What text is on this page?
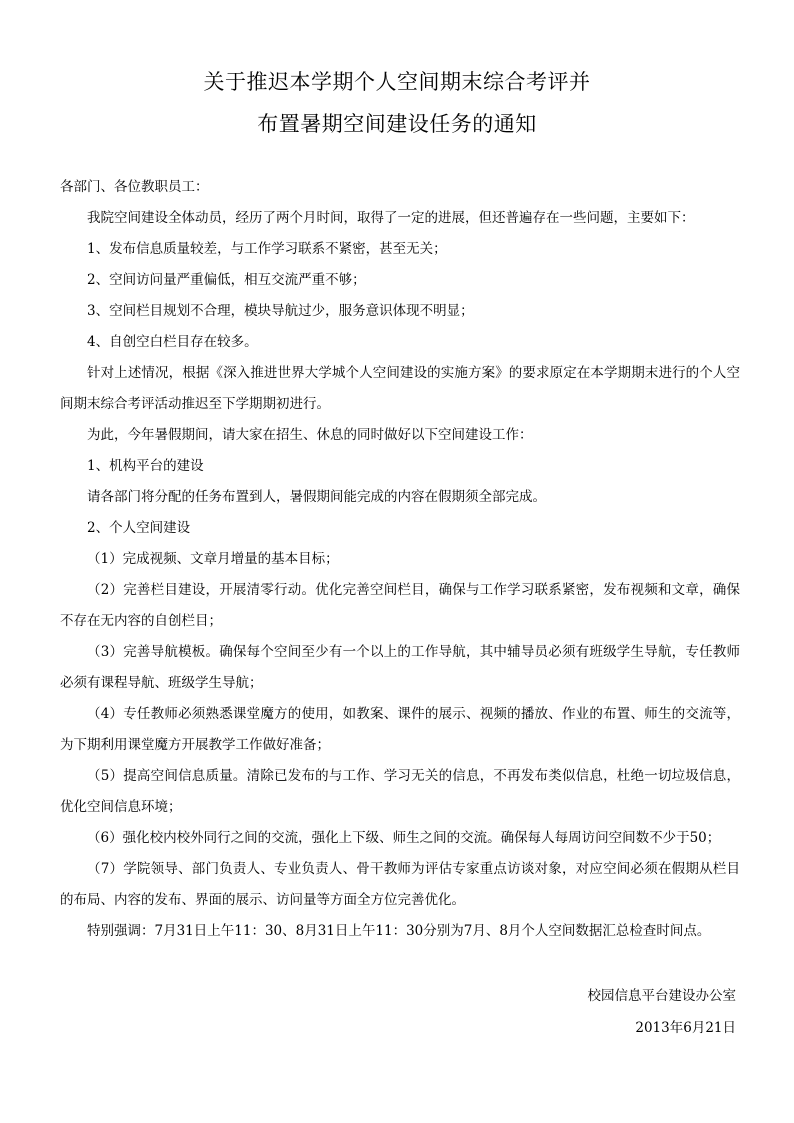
关于推迟本学期个人空间期末综合考评并
布置暑期空间建设任务的通知

各部门、各位教职员工：

我院空间建设全体动员，经历了两个月时间，取得了一定的进展，但还普遍存在一些问题，主要如下：

1、发布信息质量较差，与工作学习联系不紧密，甚至无关；

2、空间访问量严重偏低，相互交流严重不够；

3、空间栏目规划不合理，模块导航过少，服务意识体现不明显；

4、自创空白栏目存在较多。

针对上述情况，根据《深入推进世界大学城个人空间建设的实施方案》的要求原定在本学期期末进行的个人空间期末综合考评活动推迟至下学期期初进行。

为此，今年暑假期间，请大家在招生、休息的同时做好以下空间建设工作：

1、机构平台的建设

请各部门将分配的任务布置到人，暑假期间能完成的内容在假期须全部完成。

2、个人空间建设

（1）完成视频、文章月增量的基本目标；

（2）完善栏目建设，开展清零行动。优化完善空间栏目，确保与工作学习联系紧密，发布视频和文章，确保不存在无内容的自创栏目；

（3）完善导航模板。确保每个空间至少有一个以上的工作导航，其中辅导员必须有班级学生导航，专任教师必须有课程导航、班级学生导航；

（4）专任教师必须熟悉课堂魔方的使用，如教案、课件的展示、视频的播放、作业的布置、师生的交流等，为下期利用课堂魔方开展教学工作做好准备；

（5）提高空间信息质量。清除已发布的与工作、学习无关的信息，不再发布类似信息，杜绝一切垃圾信息，优化空间信息环境；

（6）强化校内校外同行之间的交流，强化上下级、师生之间的交流。确保每人每周访问空间数不少于50；

（7）学院领导、部门负责人、专业负责人、骨干教师为评估专家重点访谈对象，对应空间必须在假期从栏目的布局、内容的发布、界面的展示、访问量等方面全方位完善优化。

特别强调：7月31日上午11：30、8月31日上午11：30分别为7月、8月个人空间数据汇总检查时间点。

校园信息平台建设办公室
2013年6月21日
